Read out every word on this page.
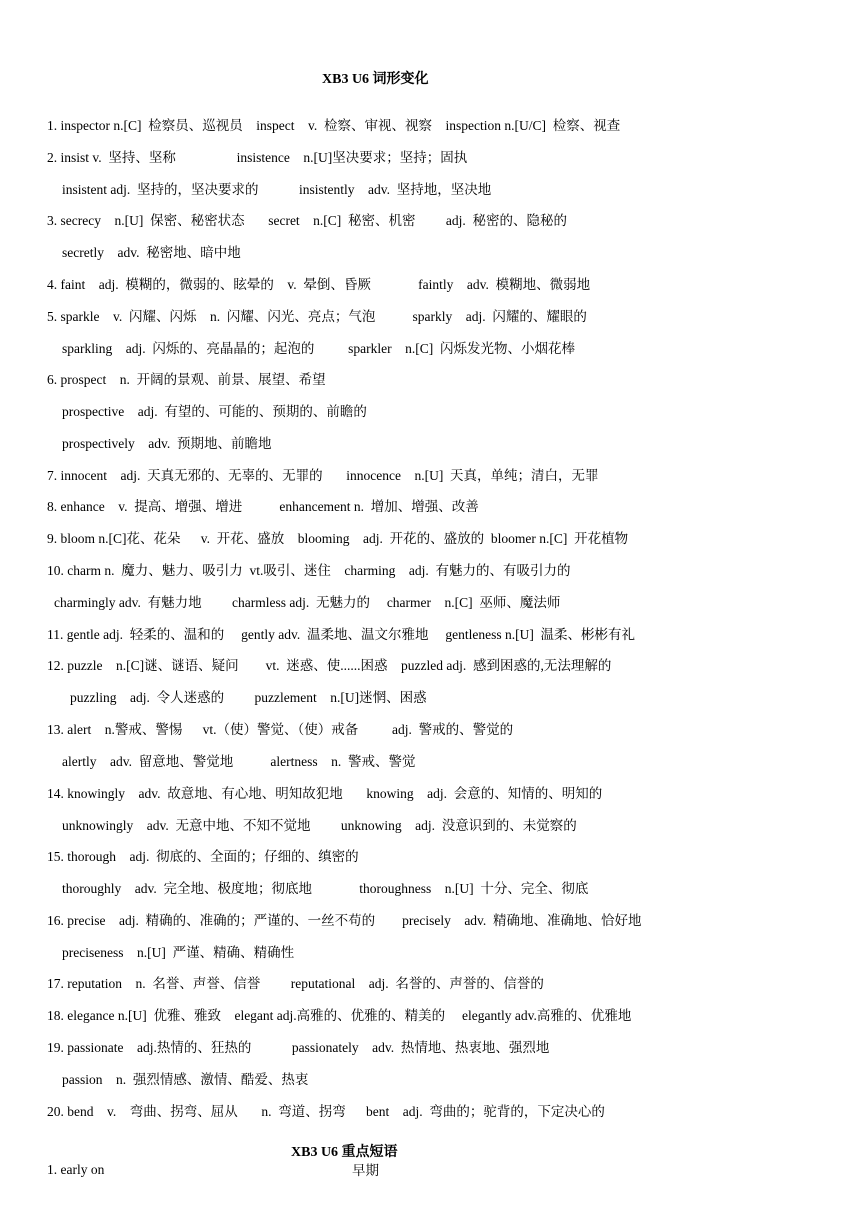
XB3 U6 词形变化
1. inspector n.[C]  检察员、巡视员    inspect    v.  检察、审视、视察    inspection n.[U/C]  检察、视查
2. insist v.  坚持、坚称                  insistence    n.[U]坚决要求；坚持；固执
insistent adj.  坚持的，坚决要求的            insistently    adv.  坚持地，坚决地
3. secrecy    n.[U]  保密、秘密状态       secret    n.[C]  秘密、机密         adj.  秘密的、隐秘的
secretly    adv.  秘密地、暗中地
4. faint    adj.  模糊的，微弱的、眩晕的    v.  晕倒、昏厥              faintly    adv.  模糊地、微弱地
5. sparkle    v.  闪耀、闪烁    n.  闪耀、闪光、亮点；气泡           sparkly    adj.  闪耀的、耀眼的
sparkling    adj.  闪烁的、亮晶晶的；起泡的          sparkler    n.[C]  闪烁发光物、小烟花棒
6. prospect    n.  开阔的景观、前景、展望、希望
prospective    adj.  有望的、可能的、预期的、前瞻的
prospectively    adv.  预期地、前瞻地
7. innocent    adj.  天真无邪的、无辜的、无罪的       innocence    n.[U]  天真，单纯；清白，无罪
8. enhance    v.  提高、增强、增进           enhancement n.  增加、增强、改善
9. bloom n.[C]花、花朵      v.  开花、盛放    blooming    adj.  开花的、盛放的  bloomer n.[C]  开花植物
10. charm n.  魔力、魅力、吸引力  vt.吸引、迷住    charming    adj.  有魅力的、有吸引力的
charmingly adv.  有魅力地         charmless adj.  无魅力的     charmer    n.[C]  巫师、魔法师
11. gentle adj.  轻柔的、温和的     gently adv.  温柔地、温文尔雅地     gentleness n.[U]  温柔、彬彬有礼
12. puzzle    n.[C]谜、谜语、疑问        vt.  迷惑、使......困惑    puzzled adj.  感到困惑的,无法理解的
puzzling    adj.  令人迷惑的         puzzlement    n.[U]迷惘、困惑
13. alert    n.警戒、警惕      vt.（使）警觉、（使）戒备          adj.  警戒的、警觉的
alertly    adv.  留意地、警觉地           alertness    n.  警戒、警觉
14. knowingly    adv.  故意地、有心地、明知故犯地       knowing    adj.  会意的、知情的、明知的
unknowingly    adv.  无意中地、不知不觉地         unknowing    adj.  没意识到的、未觉察的
15. thorough    adj.  彻底的、全面的；仔细的、缜密的
thoroughly    adv.  完全地、极度地；彻底地              thoroughness    n.[U]  十分、完全、彻底
16. precise    adj.  精确的、准确的；严谨的、一丝不苟的        precisely    adv.  精确地、准确地、恰好地
preciseness    n.[U]  严谨、精确、精确性
17. reputation    n.  名誉、声誉、信誉         reputational    adj.  名誉的、声誉的、信誉的
18. elegance n.[U]  优雅、雅致    elegant adj.高雅的、优雅的、精美的     elegantly adv.高雅的、优雅地
19. passionate    adj.热情的、狂热的            passionately    adv.  热情地、热衷地、强烈地
passion    n.  强烈情感、激情、酷爱、热衷
20. bend    v.    弯曲、拐弯、屈从       n.  弯道、拐弯      bent    adj.  弯曲的；驼背的，下定决心的
XB3 U6 重点短语
1. early on	早期
